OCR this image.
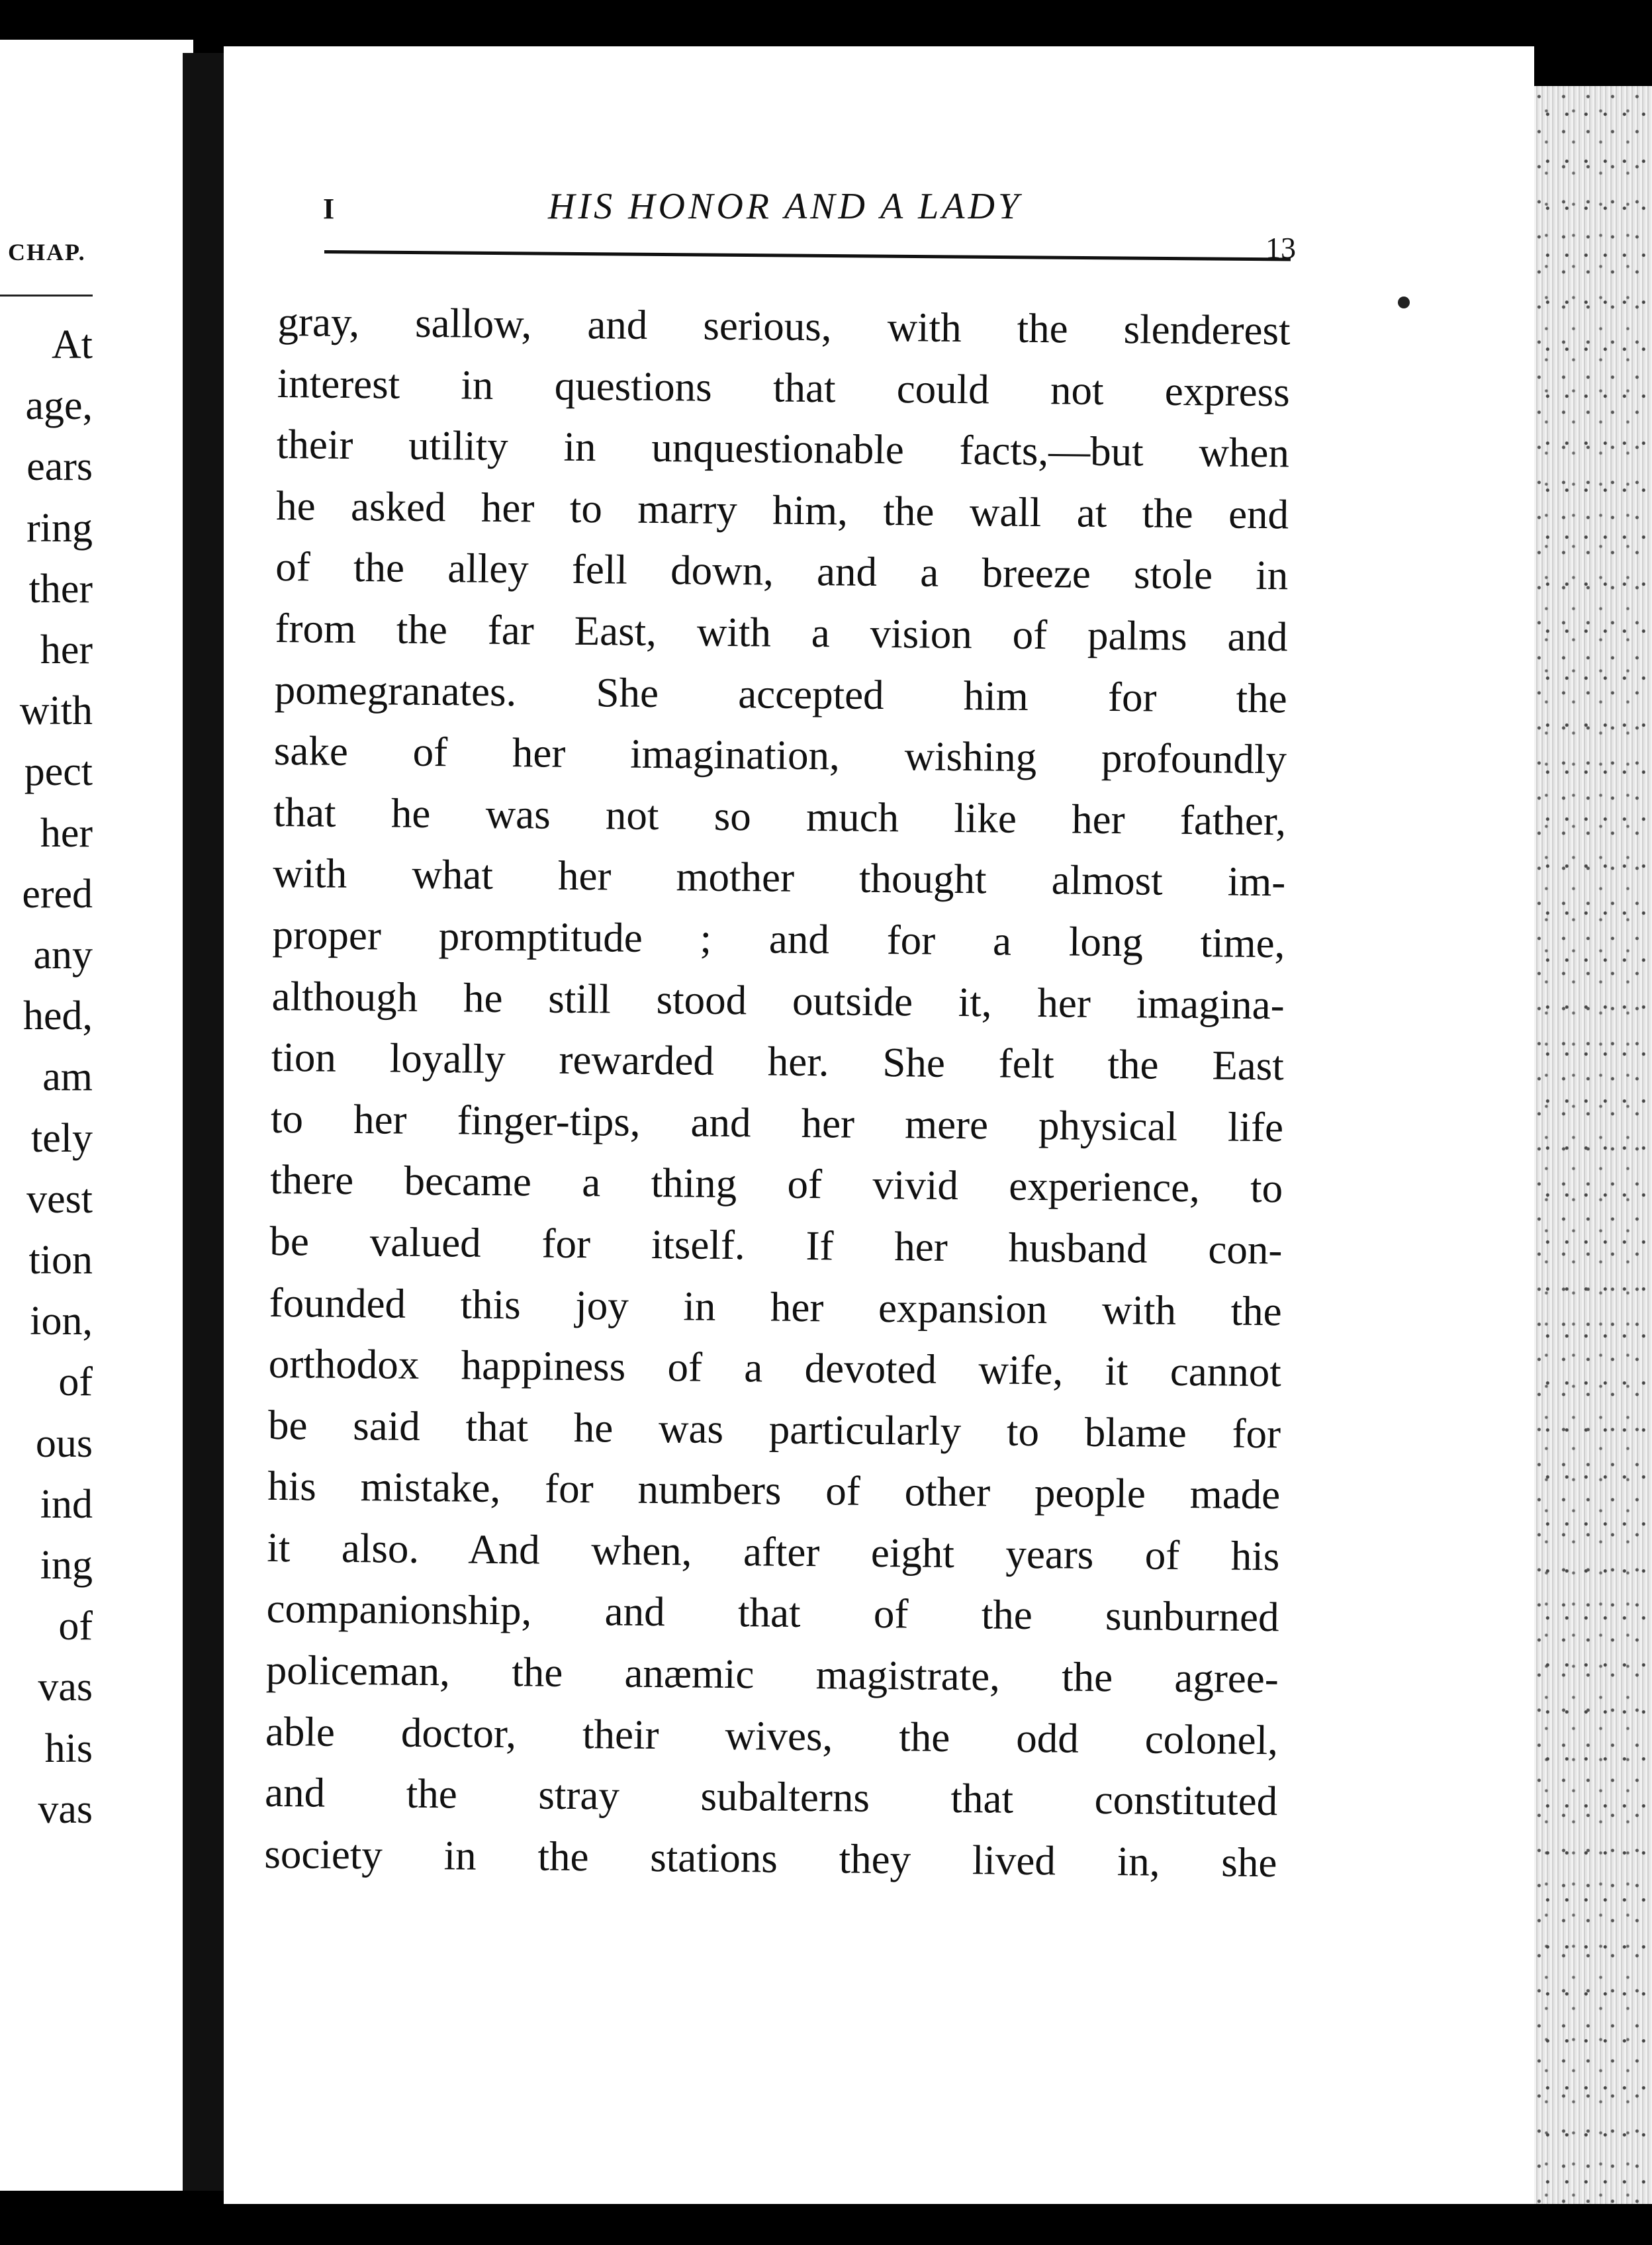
CHAP.
At
age,
ears
ring
ther
her
with
pect
her
ered
any
hed,
am
tely
vest
tion
ion,
of
ous
ind
ing
of
vas
his
vas
I	HIS HONOR AND A LADY
13
gray, sallow, and serious, with the slenderest
interest in questions that could not express
their utility in unquestionable facts,—but when
he asked her to marry him, the wall at the end
of the alley fell down, and a breeze stole in
from the far East, with a vision of palms and
pomegranates. She accepted him for the
sake of her imagination, wishing profoundly
that he was not so much like her father,
with what her mother thought almost im-
proper promptitude ; and for a long time,
although he still stood outside it, her imagina-
tion loyally rewarded her. She felt the East
to her finger-tips, and her mere physical life
there became a thing of vivid experience, to
be valued for itself. If her husband con-
founded this joy in her expansion with the
orthodox happiness of a devoted wife, it cannot
be said that he was particularly to blame for
his mistake, for numbers of other people made
it also. And when, after eight years of his
companionship, and that of the sunburned
policeman, the anæmic magistrate, the agree-
able doctor, their wives, the odd colonel,
and the stray subalterns that constituted
society in the stations they lived in, she
